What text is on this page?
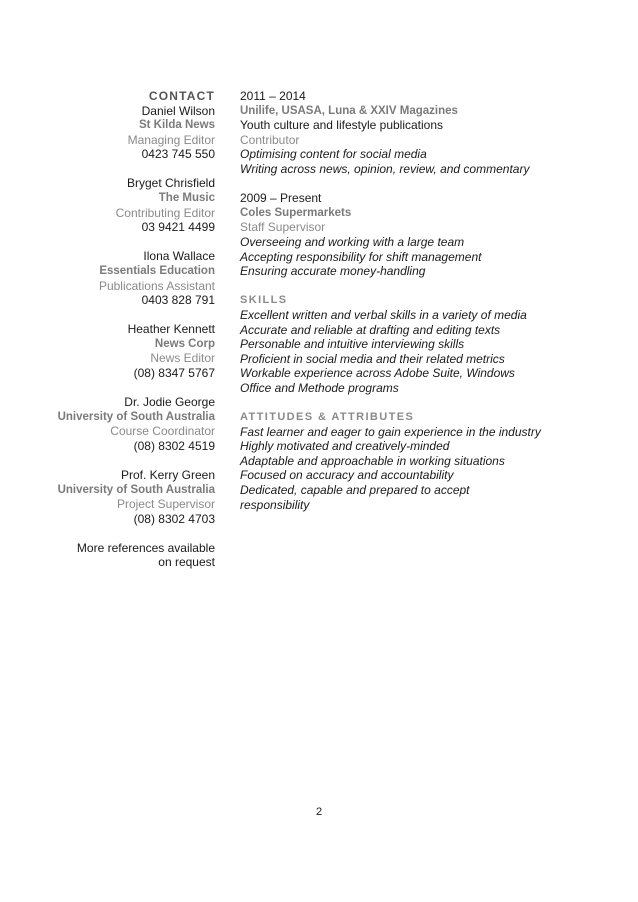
CONTACT
Daniel Wilson
St Kilda News
Managing Editor
0423 745 550
Bryget Chrisfield
The Music
Contributing Editor
03 9421 4499
Ilona Wallace
Essentials Education
Publications Assistant
0403 828 791
Heather Kennett
News Corp
News Editor
(08) 8347 5767
Dr. Jodie George
University of South Australia
Course Coordinator
(08) 8302 4519
Prof. Kerry Green
University of South Australia
Project Supervisor
(08) 8302 4703
More references available
on request
2011 – 2014
Unilife, USASA, Luna & XXIV Magazines
Youth culture and lifestyle publications
Contributor
Optimising content for social media
Writing across news, opinion, review, and commentary
2009 – Present
Coles Supermarkets
Staff Supervisor
Overseeing and working with a large team
Accepting responsibility for shift management
Ensuring accurate money-handling
SKILLS
Excellent written and verbal skills in a variety of media
Accurate and reliable at drafting and editing texts
Personable and intuitive interviewing skills
Proficient in social media and their related metrics
Workable experience across Adobe Suite, Windows
Office and Methode programs
ATTITUDES & ATTRIBUTES
Fast learner and eager to gain experience in the industry
Highly motivated and creatively-minded
Adaptable and approachable in working situations
Focused on accuracy and accountability
Dedicated, capable and prepared to accept
responsibility
2
